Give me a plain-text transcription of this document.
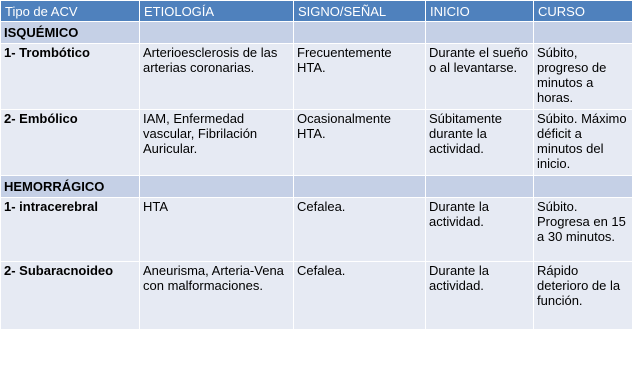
Tipo de ACV	ETIOLOGÍA	SIGNO/SEÑAL	INICIO	CURSO
ISQUÉMICO				
1- Trombótico	Arterioesclerosis de las arterias coronarias.	Frecuentemente HTA.	Durante el sueño o al levantarse.	Súbito, progreso de minutos a horas.
2- Embólico	IAM, Enfermedad vascular, Fibrilación Auricular.	Ocasionalmente HTA.	Súbitamente durante la actividad.	Súbito. Máximo déficit a minutos del inicio.
HEMORRÁGICO				
1- intracerebral	HTA	Cefalea.	Durante la actividad.	Súbito. Progresa en 15 a 30 minutos.
2- Subaracnoideo	Aneurisma, Arteria-Vena con malformaciones.	Cefalea.	Durante la actividad.	Rápido deterioro de la función.
